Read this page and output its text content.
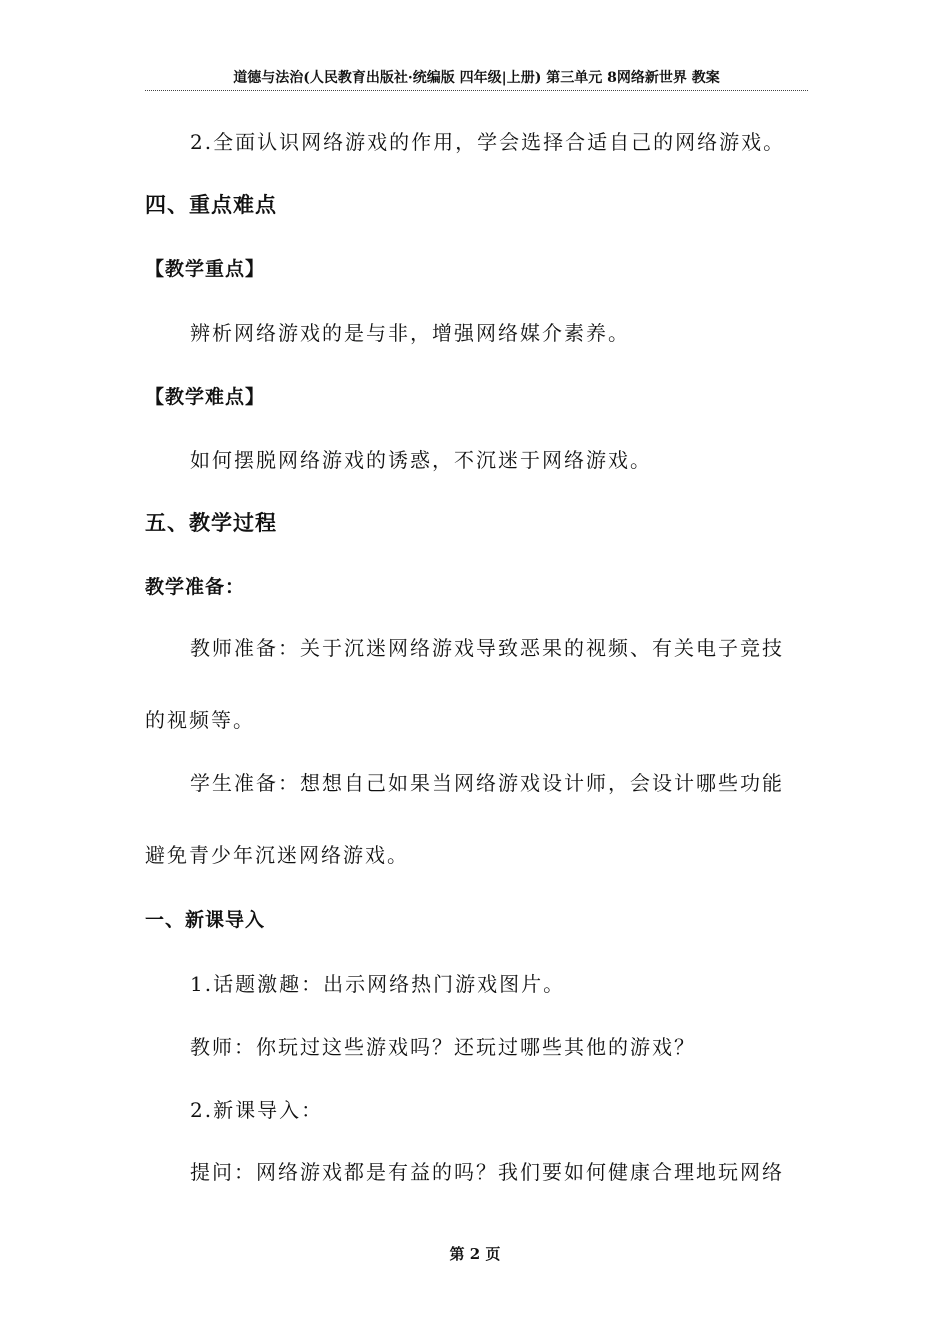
道德与法治(人民教育出版社·统编版 四年级|上册) 第三单元 8网络新世界 教案
2.全面认识网络游戏的作用，学会选择合适自己的网络游戏。
四、重点难点
【教学重点】
辨析网络游戏的是与非，增强网络媒介素养。
【教学难点】
如何摆脱网络游戏的诱惑，不沉迷于网络游戏。
五、教学过程
教学准备：
教师准备：关于沉迷网络游戏导致恶果的视频、有关电子竞技
的视频等。
学生准备：想想自己如果当网络游戏设计师，会设计哪些功能
避免青少年沉迷网络游戏。
一、新课导入
1.话题激趣：出示网络热门游戏图片。
教师：你玩过这些游戏吗？还玩过哪些其他的游戏？
2.新课导入：
提问：网络游戏都是有益的吗？我们要如何健康合理地玩网络
第 2 页
